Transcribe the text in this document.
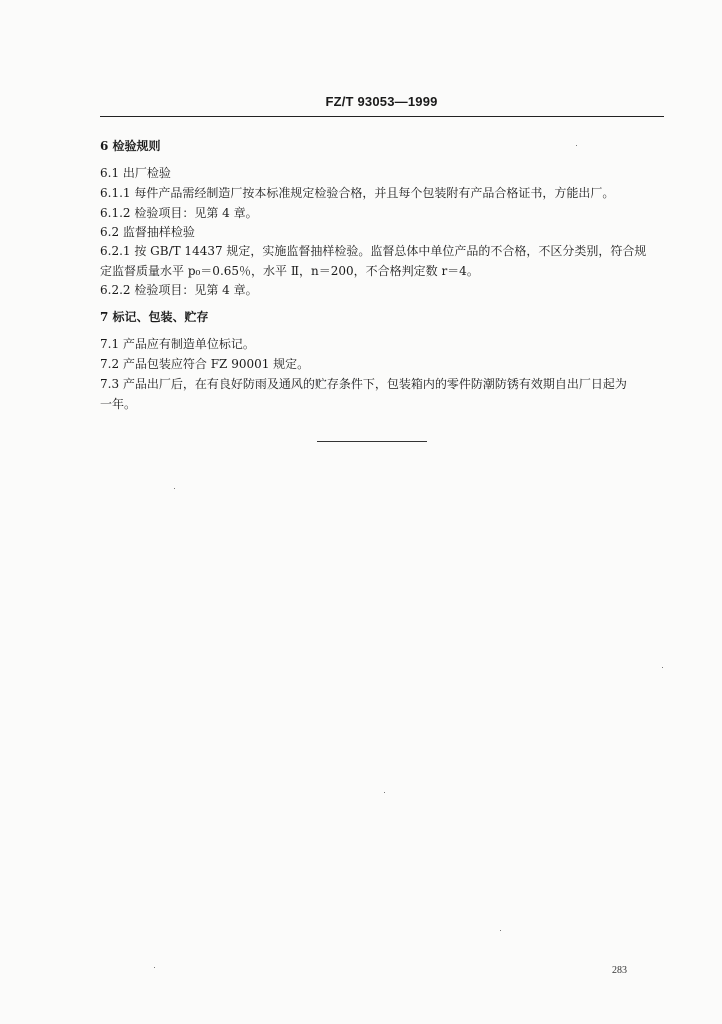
FZ/T 93053—1999
6 检验规则
6.1 出厂检验
6.1.1 每件产品需经制造厂按本标准规定检验合格，并且每个包装附有产品合格证书，方能出厂。
6.1.2 检验项目：见第 4 章。
6.2 监督抽样检验
6.2.1 按 GB/T 14437 规定，实施监督抽样检验。监督总体中单位产品的不合格，不区分类别，符合规
定监督质量水平 p₀＝0.65％，水平 Ⅱ，n＝200，不合格判定数 r＝4。
6.2.2 检验项目：见第 4 章。
7 标记、包装、贮存
7.1 产品应有制造单位标记。
7.2 产品包装应符合 FZ 90001 规定。
7.3 产品出厂后，在有良好防雨及通风的贮存条件下，包装箱内的零件防潮防锈有效期自出厂日起为
一年。
283
